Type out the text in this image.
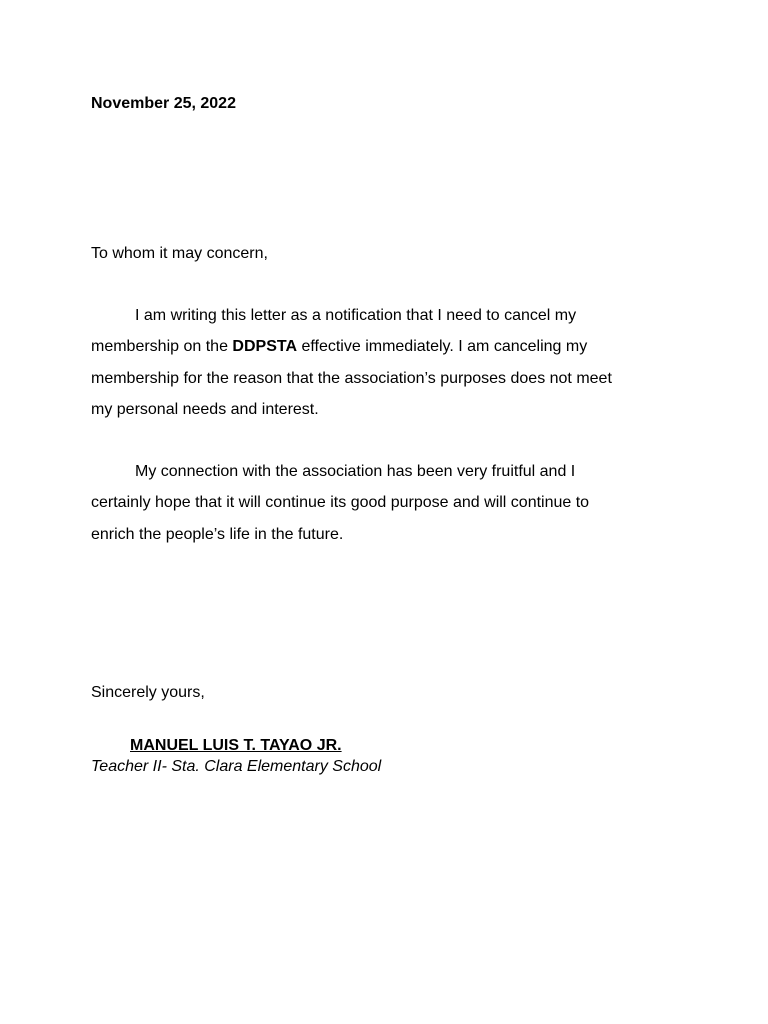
November 25, 2022
To whom it may concern,
I am writing this letter as a notification that I need to cancel my
membership on the DDPSTA effective immediately. I am canceling my
membership for the reason that the association’s purposes does not meet
my personal needs and interest.
My connection with the association has been very fruitful and I
certainly hope that it will continue its good purpose and will continue to
enrich the people’s life in the future.
Sincerely yours,
MANUEL LUIS T. TAYAO JR.
Teacher II- Sta. Clara Elementary School
